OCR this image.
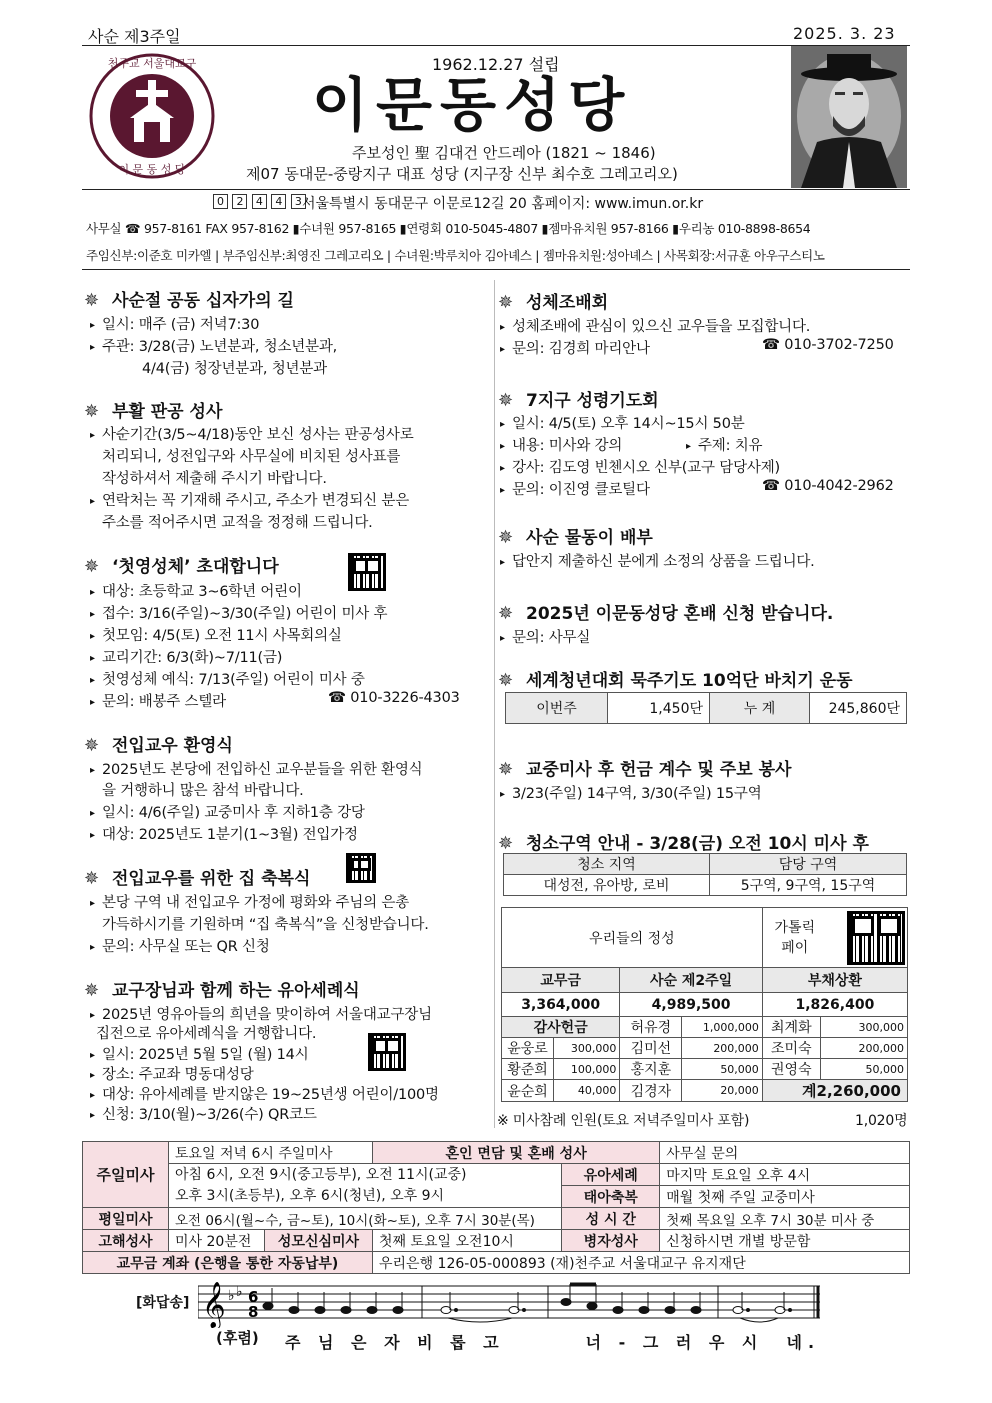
사순 제3주일	2025. 3. 23
천주교 서울대교구
이 문 동 성 당
1962.12.27 설립
이문동성당
주보성인 聖 김대건 안드레아 (1821 ~ 1846)
제07 동대문-중랑지구 대표 성당 (지구장 신부 최수호 그레고리오)
0 2 4 4 3 서울특별시 동대문구 이문로12길 20 홈페이지: www.imun.or.kr
사무실 ☎ 957-8161 FAX 957-8162 ▮수녀원 957-8165 ▮연령회 010-5045-4807 ▮젬마유치원 957-8166 ▮우리농 010-8898-8654
주임신부:이준호 미카엘 | 부주임신부:최영진 그레고리오 | 수녀원:박루치아 김아녜스 | 젬마유치원:성아녜스 | 사목회장:서규훈 아우구스티노
✵ 사순절 공동 십자가의 길
▸ 일시: 매주 (금) 저녁7:30
▸ 주관: 3/28(금) 노년분과, 청소년분과,
4/4(금) 청장년분과, 청년분과
✵ 부활 판공 성사
▸ 사순기간(3/5~4/18)동안 보신 성사는 판공성사로
처리되니, 성전입구와 사무실에 비치된 성사표를
작성하셔서 제출해 주시기 바랍니다.
▸ 연락처는 꼭 기재해 주시고, 주소가 변경되신 분은
주소를 적어주시면 교적을 정정해 드립니다.
✵ ‘첫영성체’ 초대합니다
▸ 대상: 초등학교 3~6학년 어린이
▸ 접수: 3/16(주일)~3/30(주일) 어린이 미사 후
▸ 첫모임: 4/5(토) 오전 11시 사목회의실
▸ 교리기간: 6/3(화)~7/11(금)
▸ 첫영성체 예식: 7/13(주일) 어린이 미사 중
▸ 문의: 배봉주 스텔라	☎ 010-3226-4303
✵ 전입교우 환영식
▸ 2025년도 본당에 전입하신 교우분들을 위한 환영식
을 거행하니 많은 참석 바랍니다.
▸ 일시: 4/6(주일) 교중미사 후 지하1층 강당
▸ 대상: 2025년도 1분기(1~3월) 전입가정
✵ 전입교우를 위한 집 축복식
▸ 본당 구역 내 전입교우 가정에 평화와 주님의 은총
가득하시기를 기원하며 “집 축복식”을 신청받습니다.
▸ 문의: 사무실 또는 QR 신청
✵ 교구장님과 함께 하는 유아세례식
▸ 2025년 영유아들의 희년을 맞이하여 서울대교구장님
집전으로 유아세례식을 거행합니다.
▸ 일시: 2025년 5월 5일 (월) 14시
▸ 장소: 주교좌 명동대성당
▸ 대상: 유아세례를 받지않은 19~25년생 어린이/100명
▸ 신청: 3/10(월)~3/26(수) QR코드
✵ 성체조배회
▸ 성체조배에 관심이 있으신 교우들을 모집합니다.
▸ 문의: 김경희 마리안나	☎ 010-3702-7250
✵ 7지구 성령기도회
▸ 일시: 4/5(토) 오후 14시~15시 50분
▸ 내용: 미사와 강의	▸ 주제: 치유
▸ 강사: 김도영 빈첸시오 신부(교구 담당사제)
▸ 문의: 이진영 클로틸다	☎ 010-4042-2962
✵ 사순 물동이 배부
▸ 답안지 제출하신 분에게 소정의 상품을 드립니다.
✵ 2025년 이문동성당 혼배 신청 받습니다.
▸ 문의: 사무실
✵ 세계청년대회 묵주기도 10억단 바치기 운동
이번주	1,450단	누 계	245,860단
✵ 교중미사 후 헌금 계수 및 주보 봉사
▸ 3/23(주일) 14구역, 3/30(주일) 15구역
✵ 청소구역 안내 - 3/28(금) 오전 10시 미사 후
청소 지역	담당 구역
대성전, 유아방, 로비	5구역, 9구역, 15구역
우리들의 정성				가톨릭
페이	

교무금		사순 제2주일		부채상환	
3,364,000		4,989,500		1,826,400	
감사헌금		허유경	1,000,000	최계화	300,000
윤웅로	300,000	김미선	200,000	조미숙	200,000
황준희	100,000	홍지훈	50,000	권영숙	50,000
윤순희	40,000	김경자	20,000	계2,260,000	
※ 미사참례 인원(토요 저녁주일미사 포함)	1,020명
주일미사	토요일 저녁 6시 주일미사		혼인 면담 및 혼배 성사		사무실 문의

	아침 6시, 오전 9시(중고등부), 오전 11시(교중)
오후 3시(초등부), 오후 6시(청년), 오후 9시			유아세례	마지막 토요일 오후 4시
				태아축복	매월 첫째 주일 교중미사
평일미사	오전 06시(월~수, 금~토), 10시(화~토), 오후 7시 30분(목)			성 시 간	첫째 목요일 오후 7시 30분 미사 중
고해성사	미사 20분전	성모신심미사	첫째 토요일 오전10시	병자성사	신청하시면 개별 방문함
교무금 계좌 (은행을 통한 자동납부)			우리은행 126-05-000893 (재)천주교 서울대교구 유지재단		
[화답송] 𝄞 ♭ ♭ 6
8
(후렴) 주 님 은 자 비 롭 고       너 - 그 러 우 시  네.
